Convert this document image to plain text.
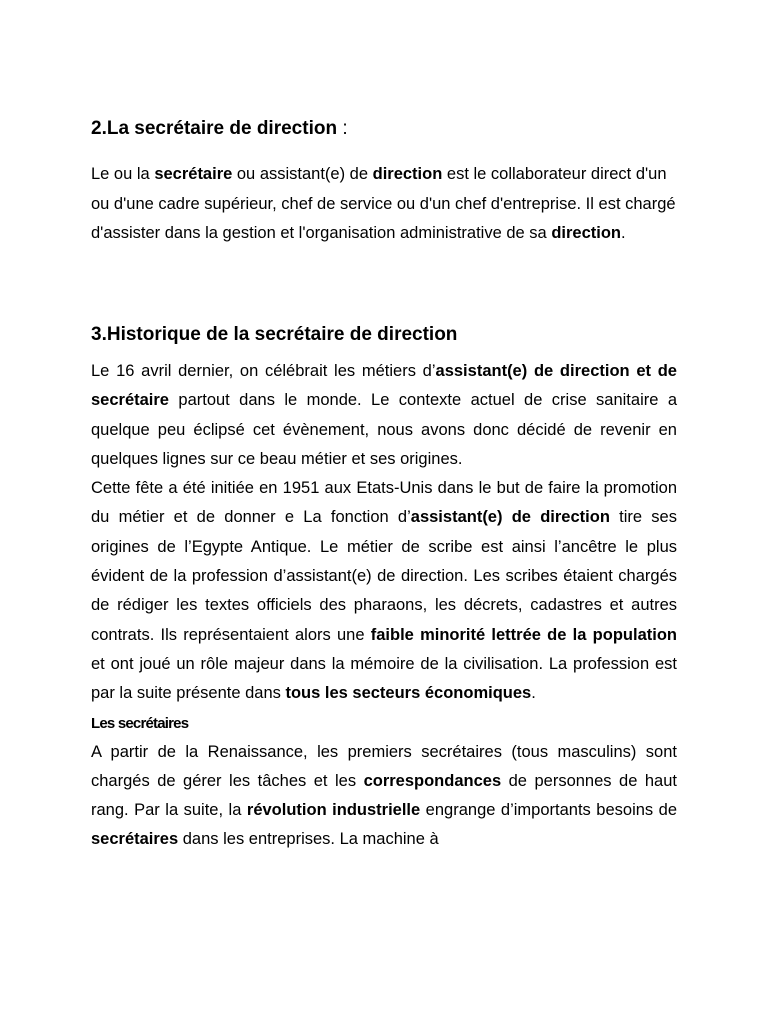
2.La secrétaire de direction :

Le ou la secrétaire ou assistant(e) de direction est le collaborateur direct d'un ou d'une cadre supérieur, chef de service ou d'un chef d'entreprise. Il est chargé d'assister dans la gestion et l'organisation administrative de sa direction.

3.Historique de la secrétaire de direction

Le 16 avril dernier, on célébrait les métiers d’assistant(e) de direction et de secrétaire partout dans le monde. Le contexte actuel de crise sanitaire a quelque peu éclipsé cet évènement, nous avons donc décidé de revenir en quelques lignes sur ce beau métier et ses origines.

Cette fête a été initiée en 1951 aux Etats-Unis dans le but de faire la promotion du métier et de donner e La fonction d’assistant(e) de direction tire ses origines de l’Egypte Antique. Le métier de scribe est ainsi l’ancêtre le plus évident de la profession d’assistant(e) de direction. Les scribes étaient chargés de rédiger les textes officiels des pharaons, les décrets, cadastres et autres contrats. Ils représentaient alors une faible minorité lettrée de la population et ont joué un rôle majeur dans la mémoire de la civilisation. La profession est par la suite présente dans tous les secteurs économiques.

Les secrétaires

A partir de la Renaissance, les premiers secrétaires (tous masculins) sont chargés de gérer les tâches et les correspondances de personnes de haut rang. Par la suite, la révolution industrielle engrange d’importants besoins de secrétaires dans les entreprises. La machine à
